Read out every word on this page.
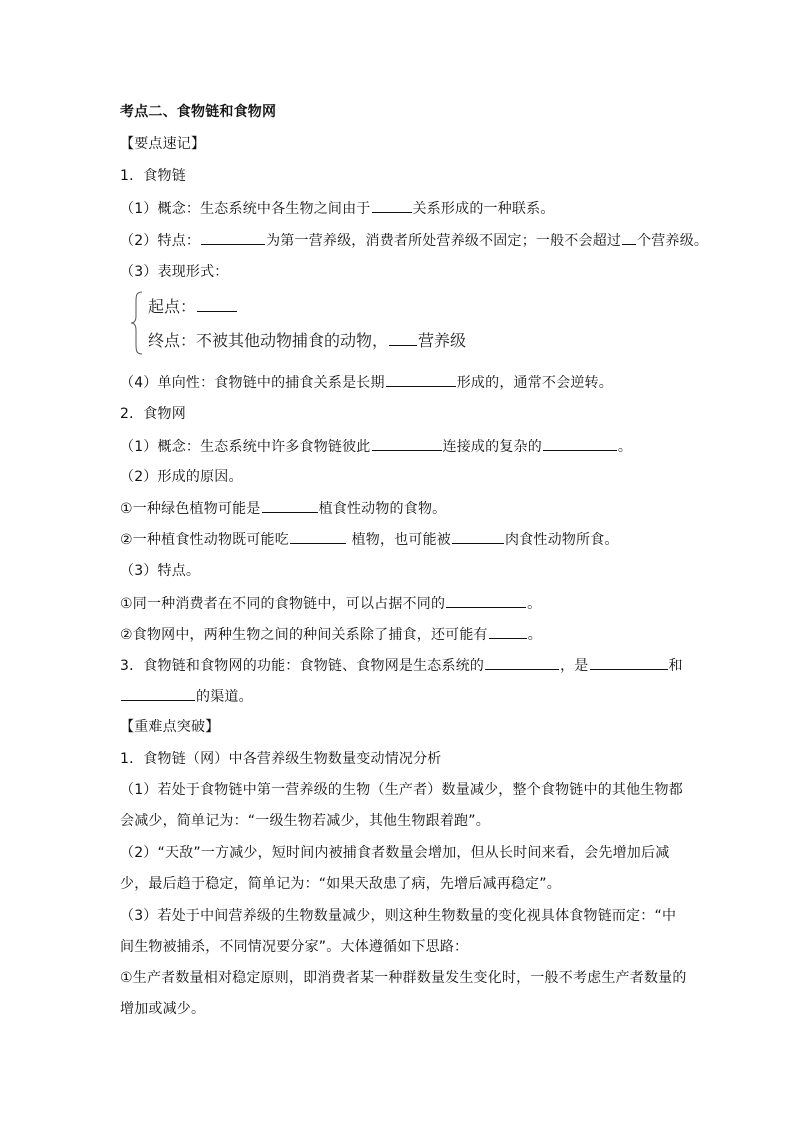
考点二、食物链和食物网
【要点速记】
1．食物链
（1）概念：生态系统中各生物之间由于	关系形成的一种联系。
（2）特点：	为第一营养级，消费者所处营养级不固定；一般不会超过 个营养级。
（3）表现形式：
起点：
终点：不被其他动物捕食的动物， 营养级
（4）单向性：食物链中的捕食关系是长期	形成的，通常不会逆转。
2．食物网
（1）概念：生态系统中许多食物链彼此	连接成的复杂的	。
（2）形成的原因。
①一种绿色植物可能是	植食性动物的食物。
②一种植食性动物既可能吃	植物，也可能被	肉食性动物所食。
（3）特点。
①同一种消费者在不同的食物链中，可以占据不同的	。
②食物网中，两种生物之间的种间关系除了捕食，还可能有	。
3．食物链和食物网的功能：食物链、食物网是生态系统的	，是	和
的渠道。
【重难点突破】
1．食物链（网）中各营养级生物数量变动情况分析
（1）若处于食物链中第一营养级的生物（生产者）数量减少，整个食物链中的其他生物都
会减少，简单记为：“一级生物若减少，其他生物跟着跑”。
（2）“天敌”一方减少，短时间内被捕食者数量会增加，但从长时间来看，会先增加后减
少，最后趋于稳定，简单记为：“如果天敌患了病，先增后减再稳定”。
（3）若处于中间营养级的生物数量减少，则这种生物数量的变化视具体食物链而定：“中
间生物被捕杀，不同情况要分家”。大体遵循如下思路：
①生产者数量相对稳定原则，即消费者某一种群数量发生变化时，一般不考虑生产者数量的
增加或减少。
